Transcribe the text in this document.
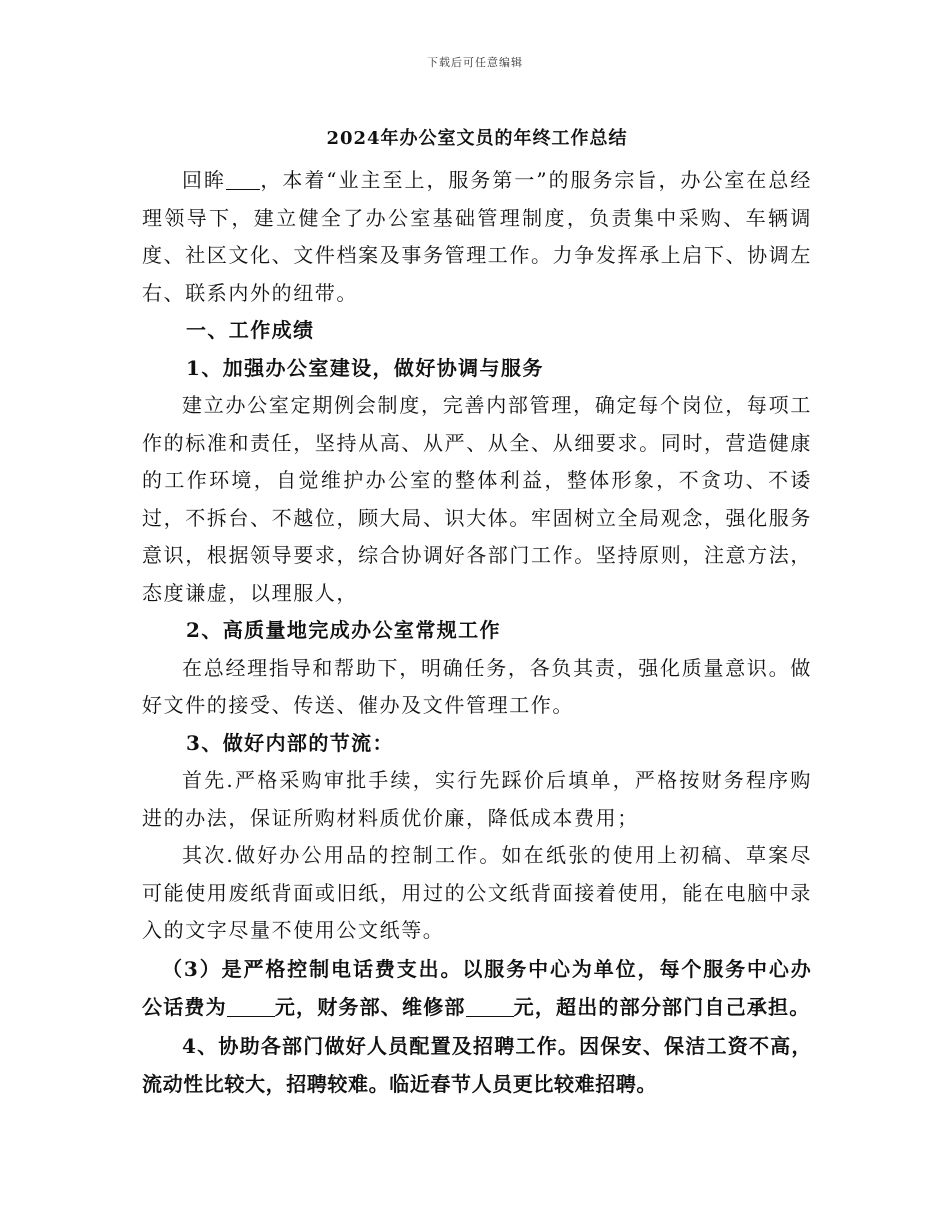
下载后可任意编辑
2024年办公室文员的年终工作总结

回眸 ，本着“业主至上，服务第一”的服务宗旨，办公室在总经理领导下，建立健全了办公室基础管理制度，负责集中采购、车辆调度、社区文化、文件档案及事务管理工作。力争发挥承上启下、协调左右、联系内外的纽带。

一、工作成绩

1、加强办公室建设，做好协调与服务

建立办公室定期例会制度，完善内部管理，确定每个岗位，每项工作的标准和责任，坚持从高、从严、从全、从细要求。同时，营造健康的工作环境，自觉维护办公室的整体利益，整体形象，不贪功、不诿过，不拆台、不越位，顾大局、识大体。牢固树立全局观念，强化服务意识，根据领导要求，综合协调好各部门工作。坚持原则，注意方法，态度谦虚，以理服人，

2、高质量地完成办公室常规工作

在总经理指导和帮助下，明确任务，各负其责，强化质量意识。做好文件的接受、传送、催办及文件管理工作。

3、做好内部的节流：

首先.严格采购审批手续，实行先踩价后填单，严格按财务程序购进的办法，保证所购材料质优价廉，降低成本费用；

其次.做好办公用品的控制工作。如在纸张的使用上初稿、草案尽可能使用废纸背面或旧纸，用过的公文纸背面接着使用，能在电脑中录入的文字尽量不使用公文纸等。

（3）是严格控制电话费支出。以服务中心为单位，每个服务中心办公话费为 元，财务部、维修部 元，超出的部分部门自己承担。

4、协助各部门做好人员配置及招聘工作。因保安、保洁工资不高，流动性比较大，招聘较难。临近春节人员更比较难招聘。
